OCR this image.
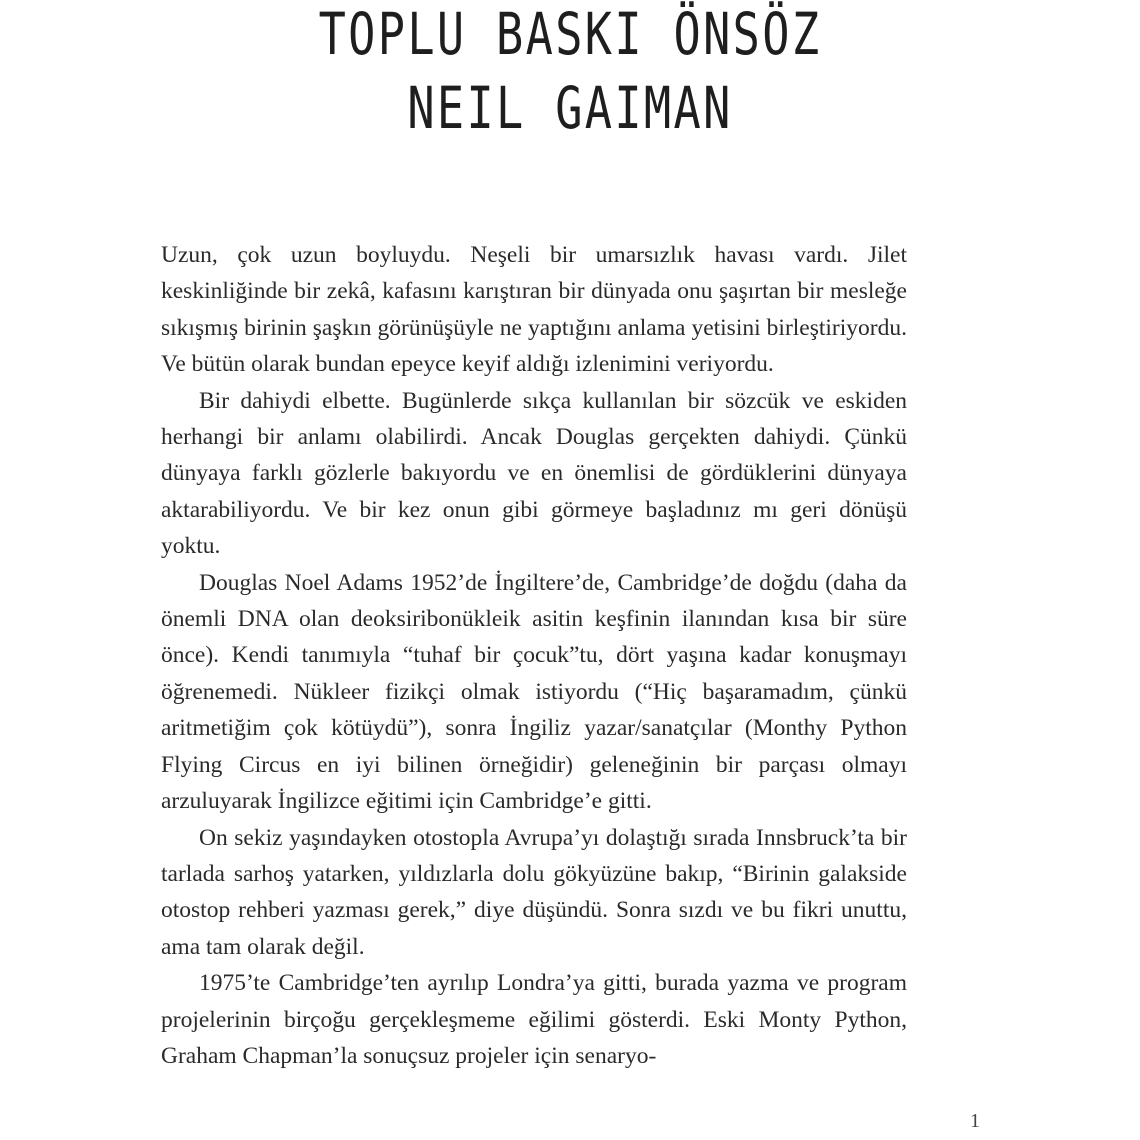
TOPLU BASKI ÖNSÖZ
NEIL GAIMAN

Uzun, çok uzun boyluydu. Neşeli bir umarsızlık havası vardı. Jilet keskinliğinde bir zekâ, kafasını karıştıran bir dünyada onu şaşırtan bir mesleğe sıkışmış birinin şaşkın görünüşüyle ne yaptığını anlama yetisini birleştiriyordu. Ve bütün olarak bundan epeyce keyif aldığı izlenimini veriyordu.

Bir dahiydi elbette. Bugünlerde sıkça kullanılan bir sözcük ve eskiden herhangi bir anlamı olabilirdi. Ancak Douglas gerçekten dahiydi. Çünkü dünyaya farklı gözlerle bakıyordu ve en önemlisi de gördüklerini dünyaya aktarabiliyordu. Ve bir kez onun gibi görmeye başladınız mı geri dönüşü yoktu.

Douglas Noel Adams 1952’de İngiltere’de, Cambridge’de doğdu (daha da önemli DNA olan deoksiribonükleik asitin keşfinin ilanından kısa bir süre önce). Kendi tanımıyla “tuhaf bir çocuk”tu, dört yaşına kadar konuşmayı öğrenemedi. Nükleer fizikçi olmak istiyordu (“Hiç başaramadım, çünkü aritmetiğim çok kötüydü”), sonra İngiliz yazar/sanatçılar (Monthy Python Flying Circus en iyi bilinen örneğidir) geleneğinin bir parçası olmayı arzuluyarak İngilizce eğitimi için Cambridge’e gitti.

On sekiz yaşındayken otostopla Avrupa’yı dolaştığı sırada Innsbruck’ta bir tarlada sarhoş yatarken, yıldızlarla dolu gökyüzüne bakıp, “Birinin galakside otostop rehberi yazması gerek,” diye düşündü. Sonra sızdı ve bu fikri unuttu, ama tam olarak değil.

1975’te Cambridge’ten ayrılıp Londra’ya gitti, burada yazma ve program projelerinin birçoğu gerçekleşmeme eğilimi gösterdi. Eski Monty Python, Graham Chapman’la sonuçsuz projeler için senaryo-

1
